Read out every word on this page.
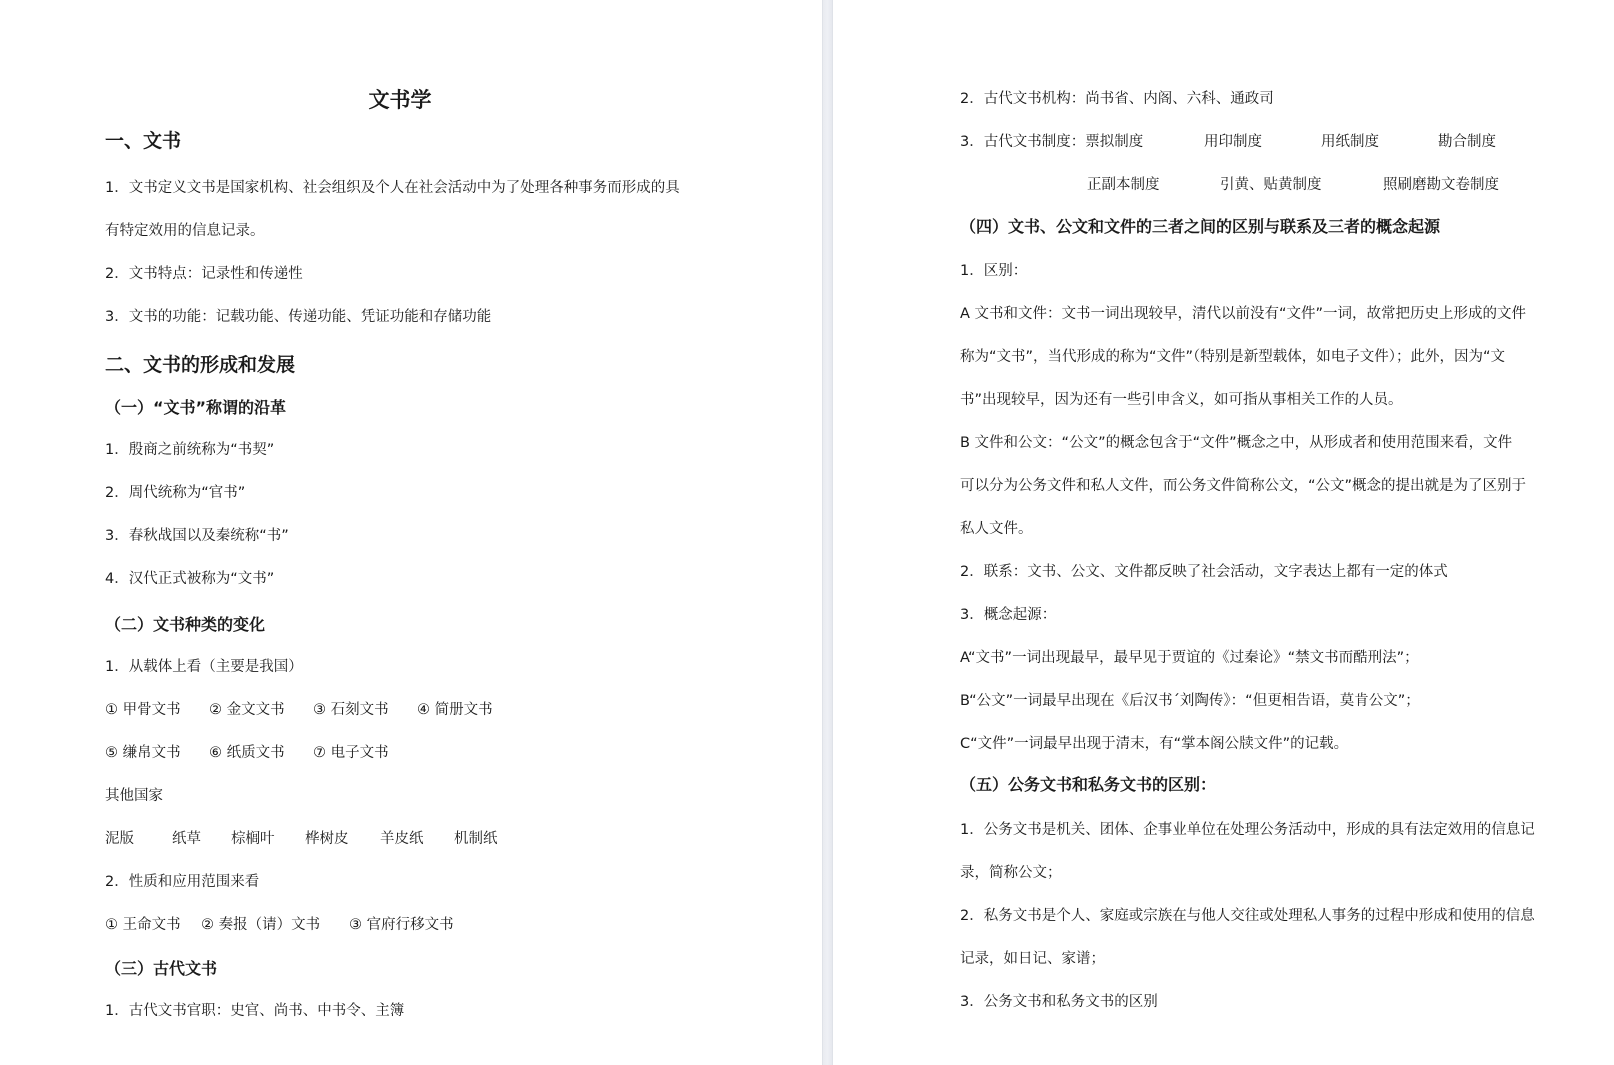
文书学
一、文书
1．文书定义文书是国家机构、社会组织及个人在社会活动中为了处理各种事务而形成的具
有特定效用的信息记录。
2．文书特点：记录性和传递性
3．文书的功能：记载功能、传递功能、凭证功能和存储功能
二、文书的形成和发展
（一）“文书”称谓的沿革
1．殷商之前统称为“书契”
2．周代统称为“官书”
3．春秋战国以及秦统称“书”
4．汉代正式被称为“文书”
（二）文书种类的变化
1．从载体上看（主要是我国）
① 甲骨文书 ② 金文文书 ③ 石刻文书 ④ 简册文书
⑤ 缣帛文书 ⑥ 纸质文书 ⑦ 电子文书
其他国家
泥版	纸草 棕榈叶 桦树皮 羊皮纸 机制纸
2．性质和应用范围来看
① 王命文书 ② 奏报（请）文书 ③ 官府行移文书
（三）古代文书
1．古代文书官职：史官、尚书、中书令、主簿
2．古代文书机构：尚书省、内阁、六科、通政司
3．古代文书制度：票拟制度	用印制度	用纸制度	勘合制度
正副本制度	引黄、贴黄制度	照刷磨勘文卷制度
（四）文书、公文和文件的三者之间的区别与联系及三者的概念起源
1．区别：
A 文书和文件：文书一词出现较早，清代以前没有“文件”一词，故常把历史上形成的文件
称为“文书”，当代形成的称为“文件”（特别是新型载体，如电子文件）；此外，因为“文
书”出现较早，因为还有一些引申含义，如可指从事相关工作的人员。
B 文件和公文：“公文”的概念包含于“文件”概念之中，从形成者和使用范围来看，文件
可以分为公务文件和私人文件，而公务文件简称公文，“公文”概念的提出就是为了区别于
私人文件。
2．联系：文书、公文、文件都反映了社会活动，文字表达上都有一定的体式
3．概念起源：
A“文书”一词出现最早，最早见于贾谊的《过秦论》“禁文书而酷刑法”；
B“公文”一词最早出现在《后汉书ˊ刘陶传》：“但更相告语，莫肯公文”；
C“文件”一词最早出现于清末，有“掌本阁公牍文件”的记载。
（五）公务文书和私务文书的区别：
1．公务文书是机关、团体、企事业单位在处理公务活动中，形成的具有法定效用的信息记
录，简称公文；
2．私务文书是个人、家庭或宗族在与他人交往或处理私人事务的过程中形成和使用的信息
记录，如日记、家谱；
3．公务文书和私务文书的区别
